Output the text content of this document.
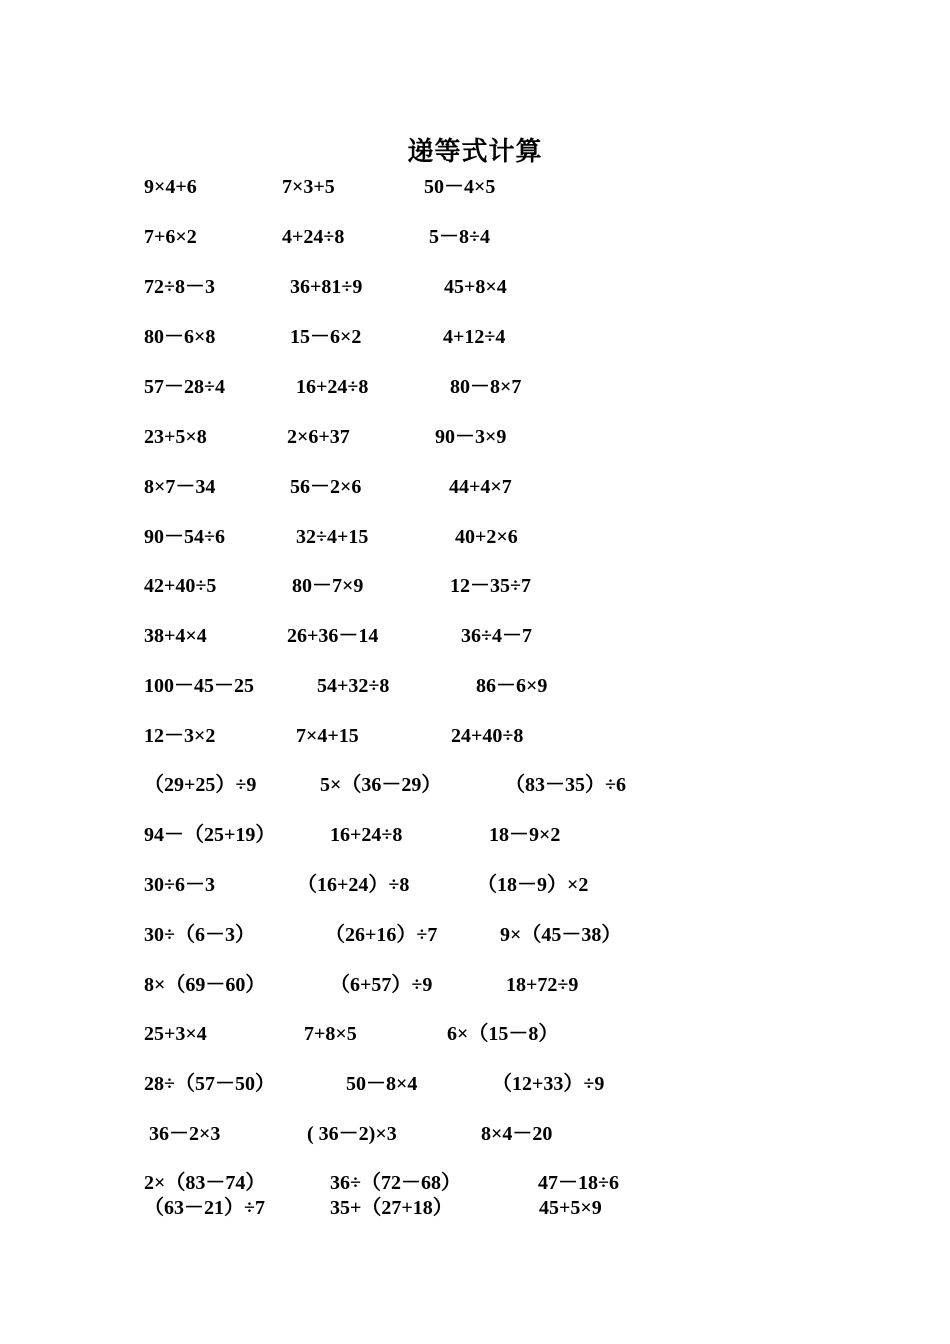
递等式计算
9×4+6	7×3+5	50－4×5
7+6×2	4+24÷8	5－8÷4
72÷8－3	36+81÷9	45+8×4
80－6×8	15－6×2	4+12÷4
57－28÷4	16+24÷8	80－8×7
23+5×8	2×6+37	90－3×9
8×7－34	56－2×6	44+4×7
90－54÷6	32÷4+15	40+2×6
42+40÷5	80－7×9	12－35÷7
38+4×4	26+36－14	36÷4－7
100－45－25	54+32÷8	86－6×9
12－3×2	7×4+15	24+40÷8
（29+25）÷9	5×（36－29）	（83－35）÷6
94－（25+19）	16+24÷8	18－9×2
30÷6－3	（16+24）÷8	（18－9）×2
30÷（6－3）	（26+16）÷7	9×（45－38）
8×（69－60）	（6+57）÷9	18+72÷9
25+3×4	7+8×5	6×（15－8）
28÷（57－50）	50－8×4	（12+33）÷9
36－2×3	( 36－2)×3	8×4－20
2×（83－74）	36÷（72－68）	47－18÷6
（63－21）÷7	35+（27+18）	45+5×9
